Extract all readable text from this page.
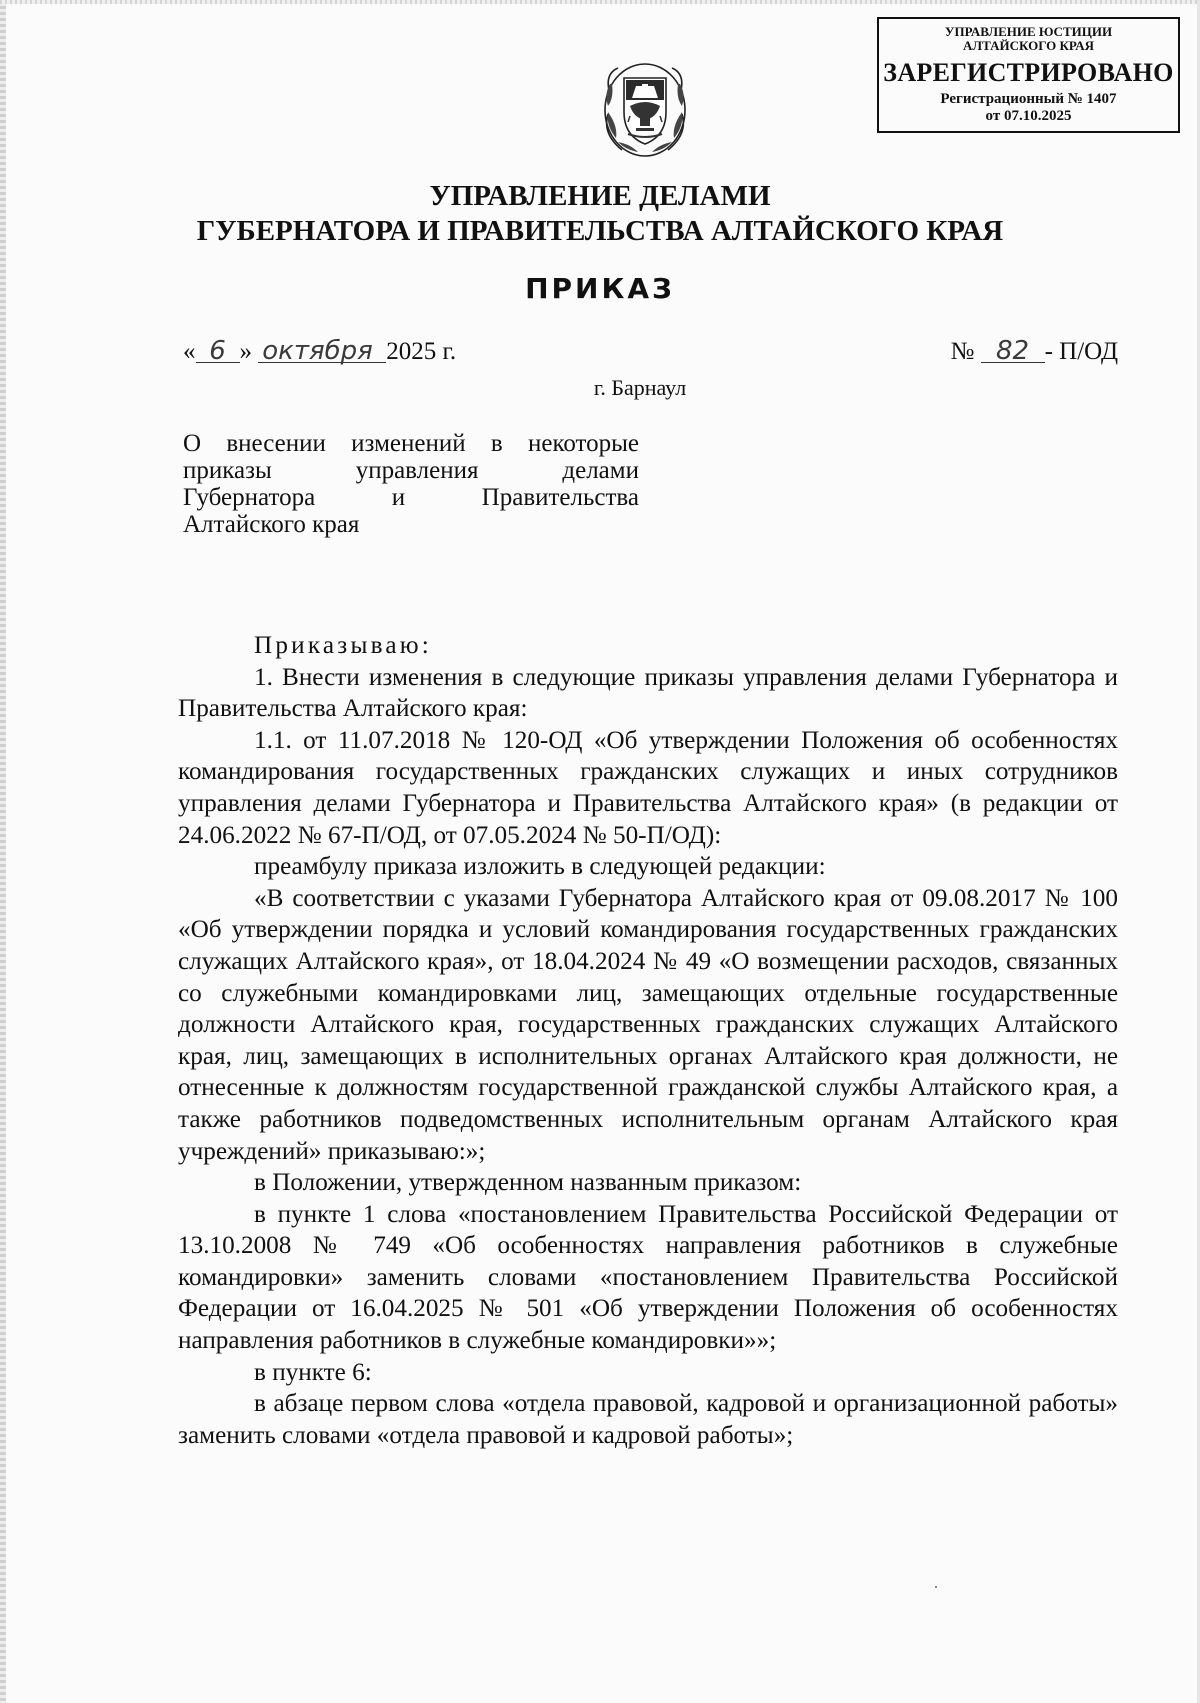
УПРАВЛЕНИЕ ЮСТИЦИИ
АЛТАЙСКОГО КРАЯ
ЗАРЕГИСТРИРОВАНО
Регистрационный № 1407
от 07.10.2025
УПРАВЛЕНИЕ ДЕЛАМИ
ГУБЕРНАТОРА И ПРАВИТЕЛЬСТВА АЛТАЙСКОГО КРАЯ
ПРИКАЗ
« 6 » октября 2025 г.	№ 82 - П/ОД
г. Барнаул
О внесении изменений в некоторые
приказы	управления	делами
Губернатора	и	Правительства
Алтайского края

Приказываю:

1. Внести изменения в следующие приказы управления делами Губернатора и Правительства Алтайского края:

1.1. от 11.07.2018 № 120-ОД «Об утверждении Положения об особенностях командирования государственных гражданских служащих и иных сотрудников управления делами Губернатора и Правительства Алтайского края» (в редакции от 24.06.2022 № 67-П/ОД, от 07.05.2024 № 50-П/ОД):

преамбулу приказа изложить в следующей редакции:

«В соответствии с указами Губернатора Алтайского края от 09.08.2017 № 100 «Об утверждении порядка и условий командирования государственных гражданских служащих Алтайского края», от 18.04.2024 № 49 «О возмещении расходов, связанных со служебными командировками лиц, замещающих отдельные государственные должности Алтайского края, государственных гражданских служащих Алтайского края, лиц, замещающих в исполнительных органах Алтайского края должности, не отнесенные к должностям государственной гражданской службы Алтайского края, а также работников подведомственных исполнительным органам Алтайского края учреждений» приказываю:»;

в Положении, утвержденном названным приказом:

в пункте 1 слова «постановлением Правительства Российской Федерации от 13.10.2008 № 749 «Об особенностях направления работников в служебные командировки» заменить словами «постановлением Правительства Российской Федерации от 16.04.2025 № 501 «Об утверждении Положения об особенностях направления работников в служебные командировки»»;

в пункте 6:

в абзаце первом слова «отдела правовой, кадровой и организационной работы» заменить словами «отдела правовой и кадровой работы»;
